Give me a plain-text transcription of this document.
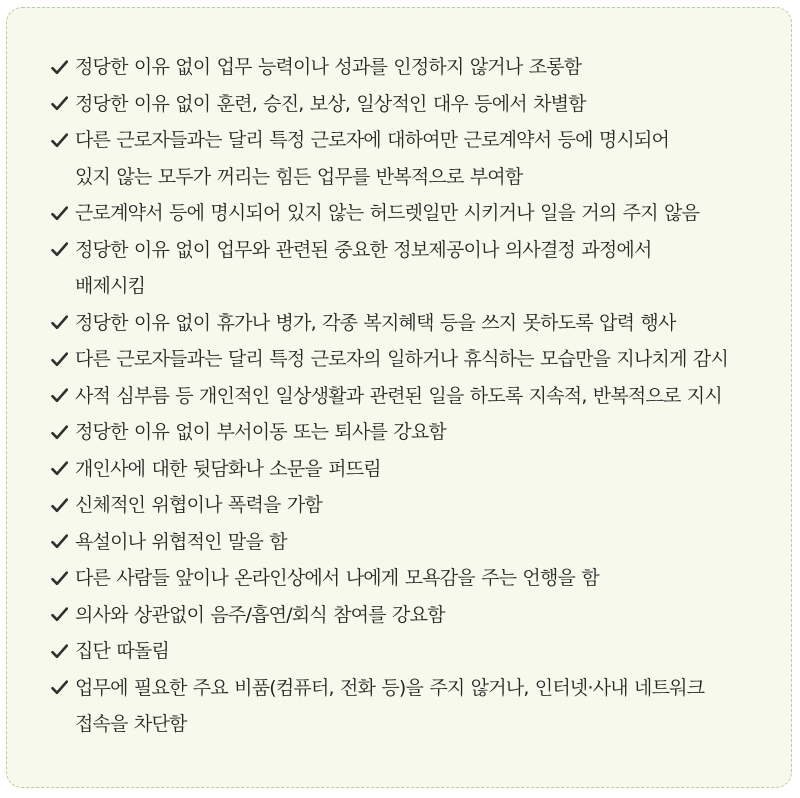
정당한 이유 없이 업무 능력이나 성과를 인정하지 않거나 조롱함
정당한 이유 없이 훈련, 승진, 보상, 일상적인 대우 등에서 차별함
다른 근로자들과는 달리 특정 근로자에 대하여만 근로계약서 등에 명시되어
있지 않는 모두가 꺼리는 힘든 업무를 반복적으로 부여함
근로계약서 등에 명시되어 있지 않는 허드렛일만 시키거나 일을 거의 주지 않음
정당한 이유 없이 업무와 관련된 중요한 정보제공이나 의사결정 과정에서
배제시킴
정당한 이유 없이 휴가나 병가, 각종 복지혜택 등을 쓰지 못하도록 압력 행사
다른 근로자들과는 달리 특정 근로자의 일하거나 휴식하는 모습만을 지나치게 감시
사적 심부름 등 개인적인 일상생활과 관련된 일을 하도록 지속적, 반복적으로 지시
정당한 이유 없이 부서이동 또는 퇴사를 강요함
개인사에 대한 뒷담화나 소문을 퍼뜨림
신체적인 위협이나 폭력을 가함
욕설이나 위협적인 말을 함
다른 사람들 앞이나 온라인상에서 나에게 모욕감을 주는 언행을 함
의사와 상관없이 음주/흡연/회식 참여를 강요함
집단 따돌림
업무에 필요한 주요 비품(컴퓨터, 전화 등)을 주지 않거나, 인터넷·사내 네트워크
접속을 차단함
